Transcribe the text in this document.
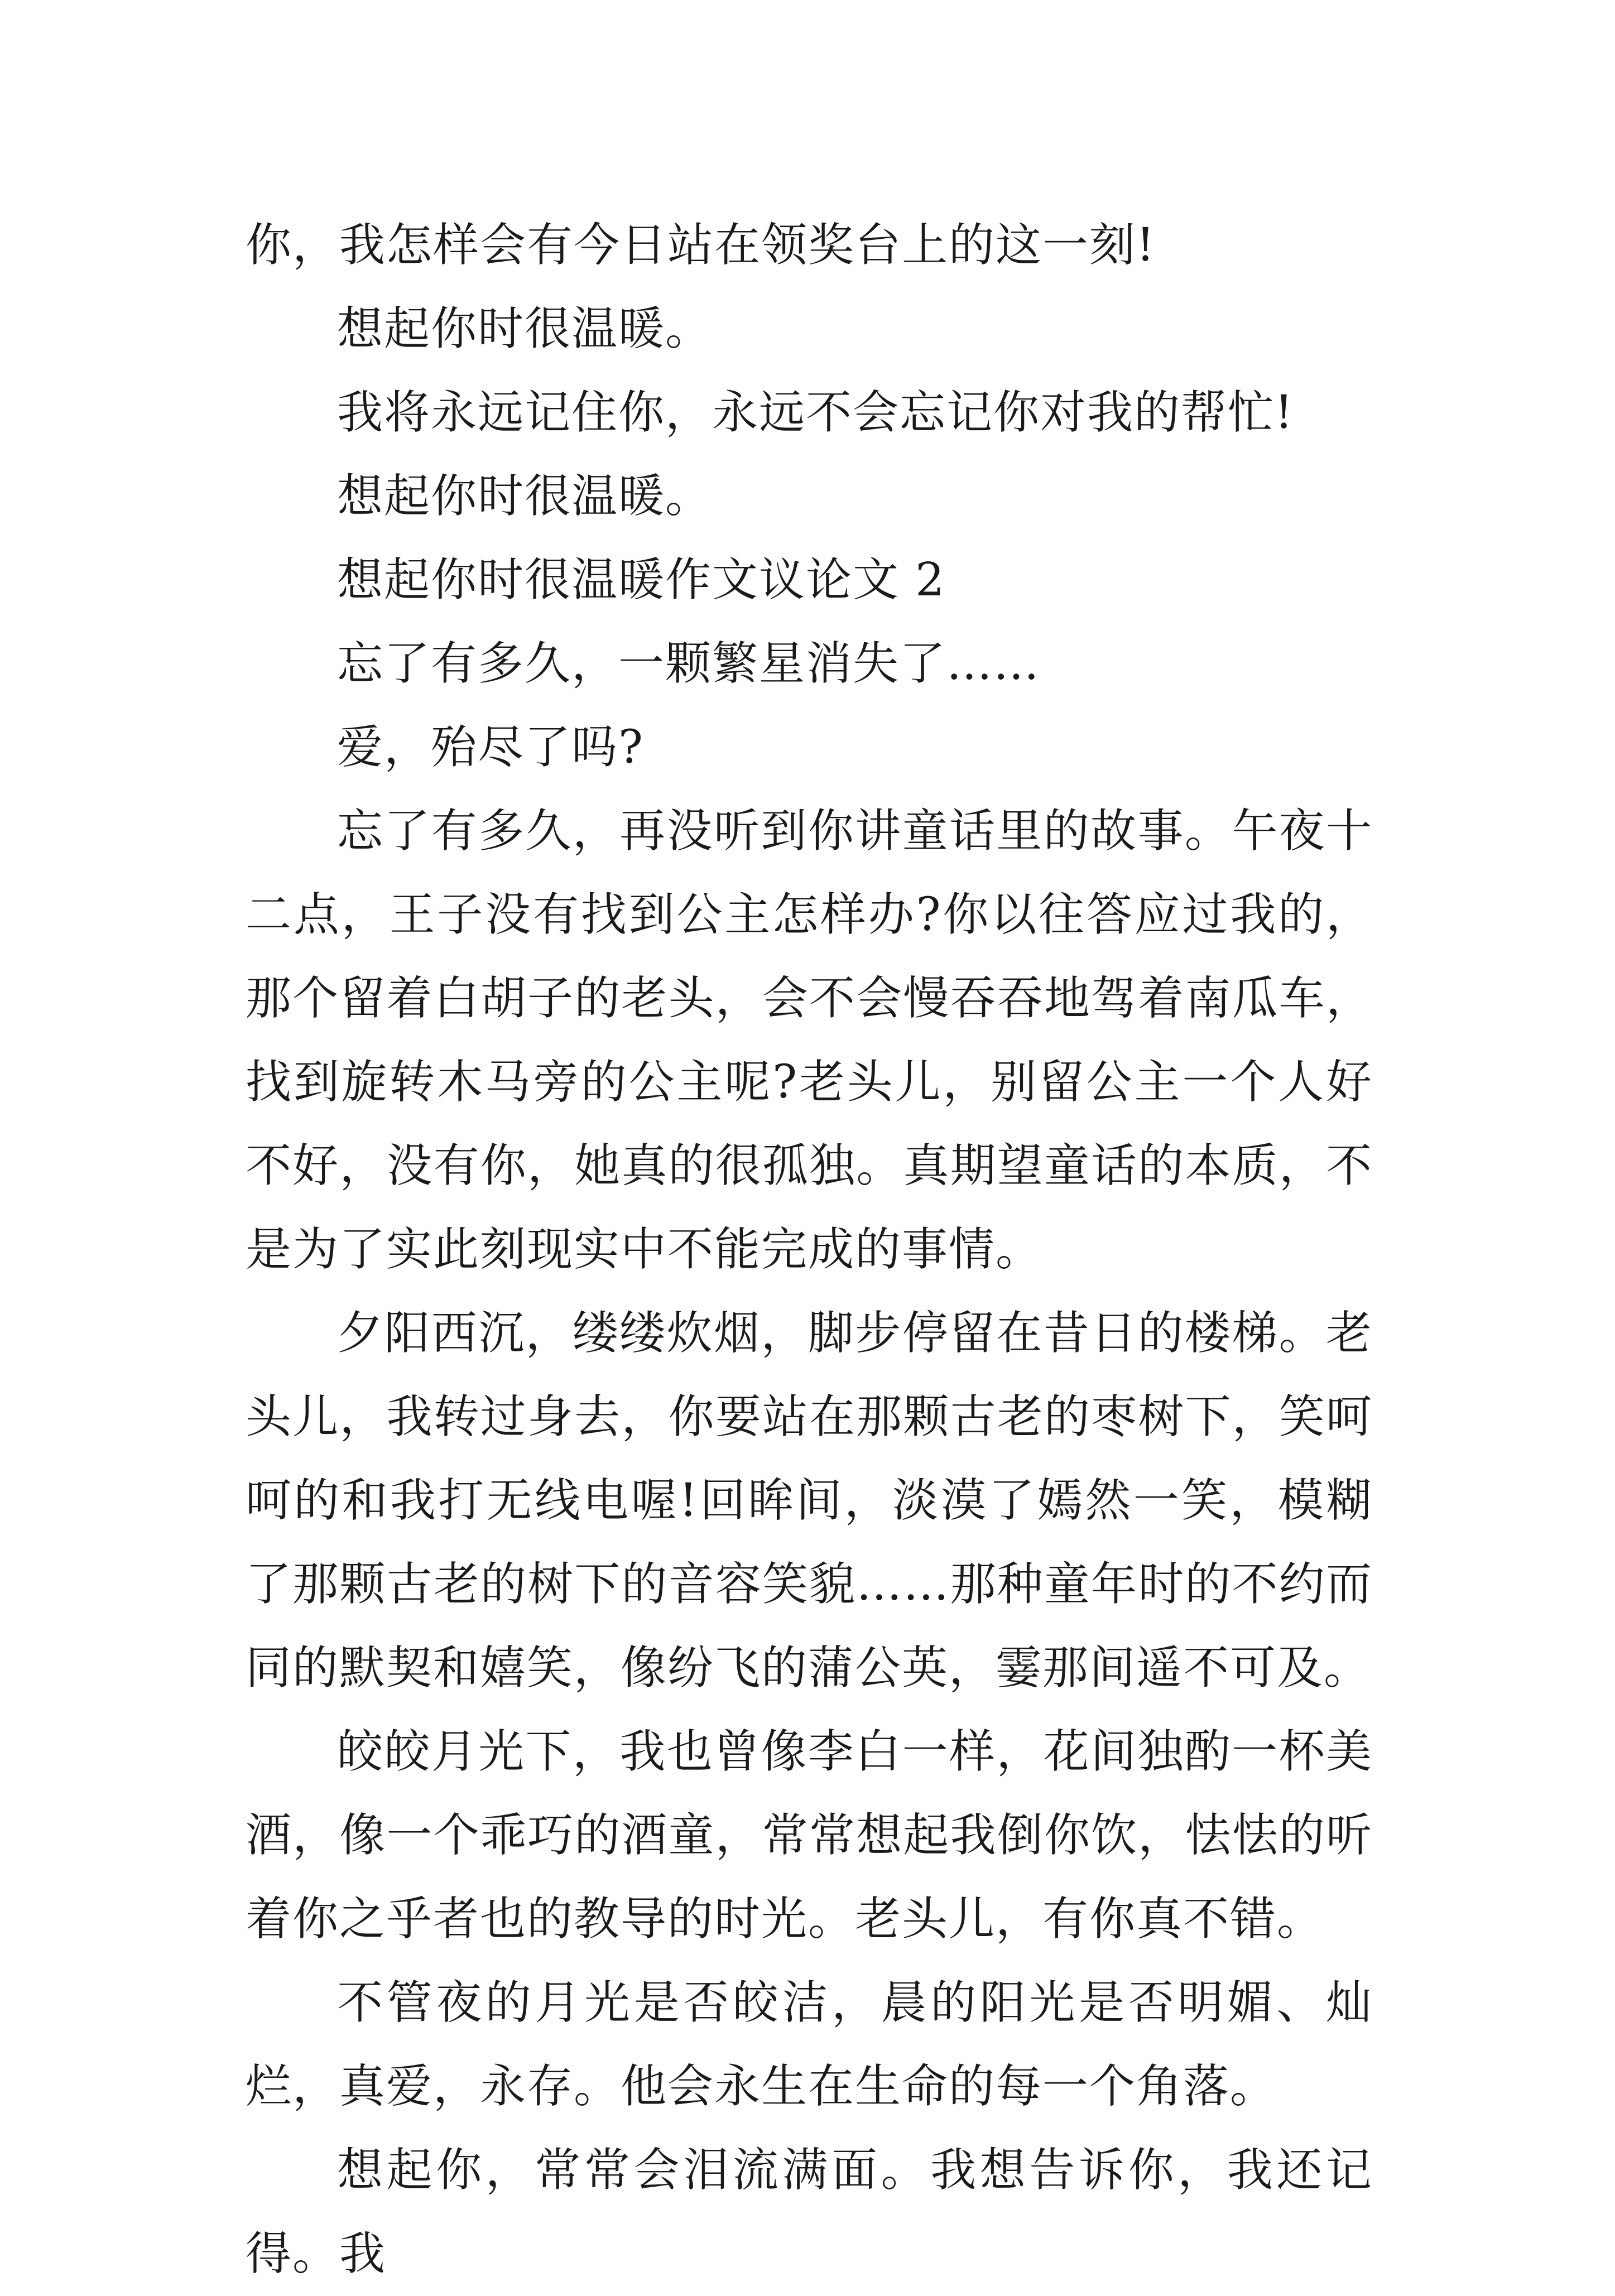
你，我怎样会有今日站在领奖台上的这一刻!

想起你时很温暖。

我将永远记住你，永远不会忘记你对我的帮忙!

想起你时很温暖。

想起你时很温暖作文议论文 2

忘了有多久，一颗繁星消失了……

爱，殆尽了吗?

忘了有多久，再没听到你讲童话里的故事。午夜十二点，王子没有找到公主怎样办?你以往答应过我的，那个留着白胡子的老头，会不会慢吞吞地驾着南瓜车，找到旋转木马旁的公主呢?老头儿，别留公主一个人好不好，没有你，她真的很孤独。真期望童话的本质，不是为了实此刻现实中不能完成的事情。

夕阳西沉，缕缕炊烟，脚步停留在昔日的楼梯。老头儿，我转过身去，你要站在那颗古老的枣树下，笑呵呵的和我打无线电喔!回眸间，淡漠了嫣然一笑，模糊了那颗古老的树下的音容笑貌……那种童年时的不约而同的默契和嬉笑，像纷飞的蒲公英，霎那间遥不可及。

皎皎月光下，我也曾像李白一样，花间独酌一杯美酒，像一个乖巧的酒童，常常想起我倒你饮，怯怯的听着你之乎者也的教导的时光。老头儿，有你真不错。

不管夜的月光是否皎洁，晨的阳光是否明媚、灿烂，真爱，永存。他会永生在生命的每一个角落。

想起你，常常会泪流满面。我想告诉你，我还记得。我
